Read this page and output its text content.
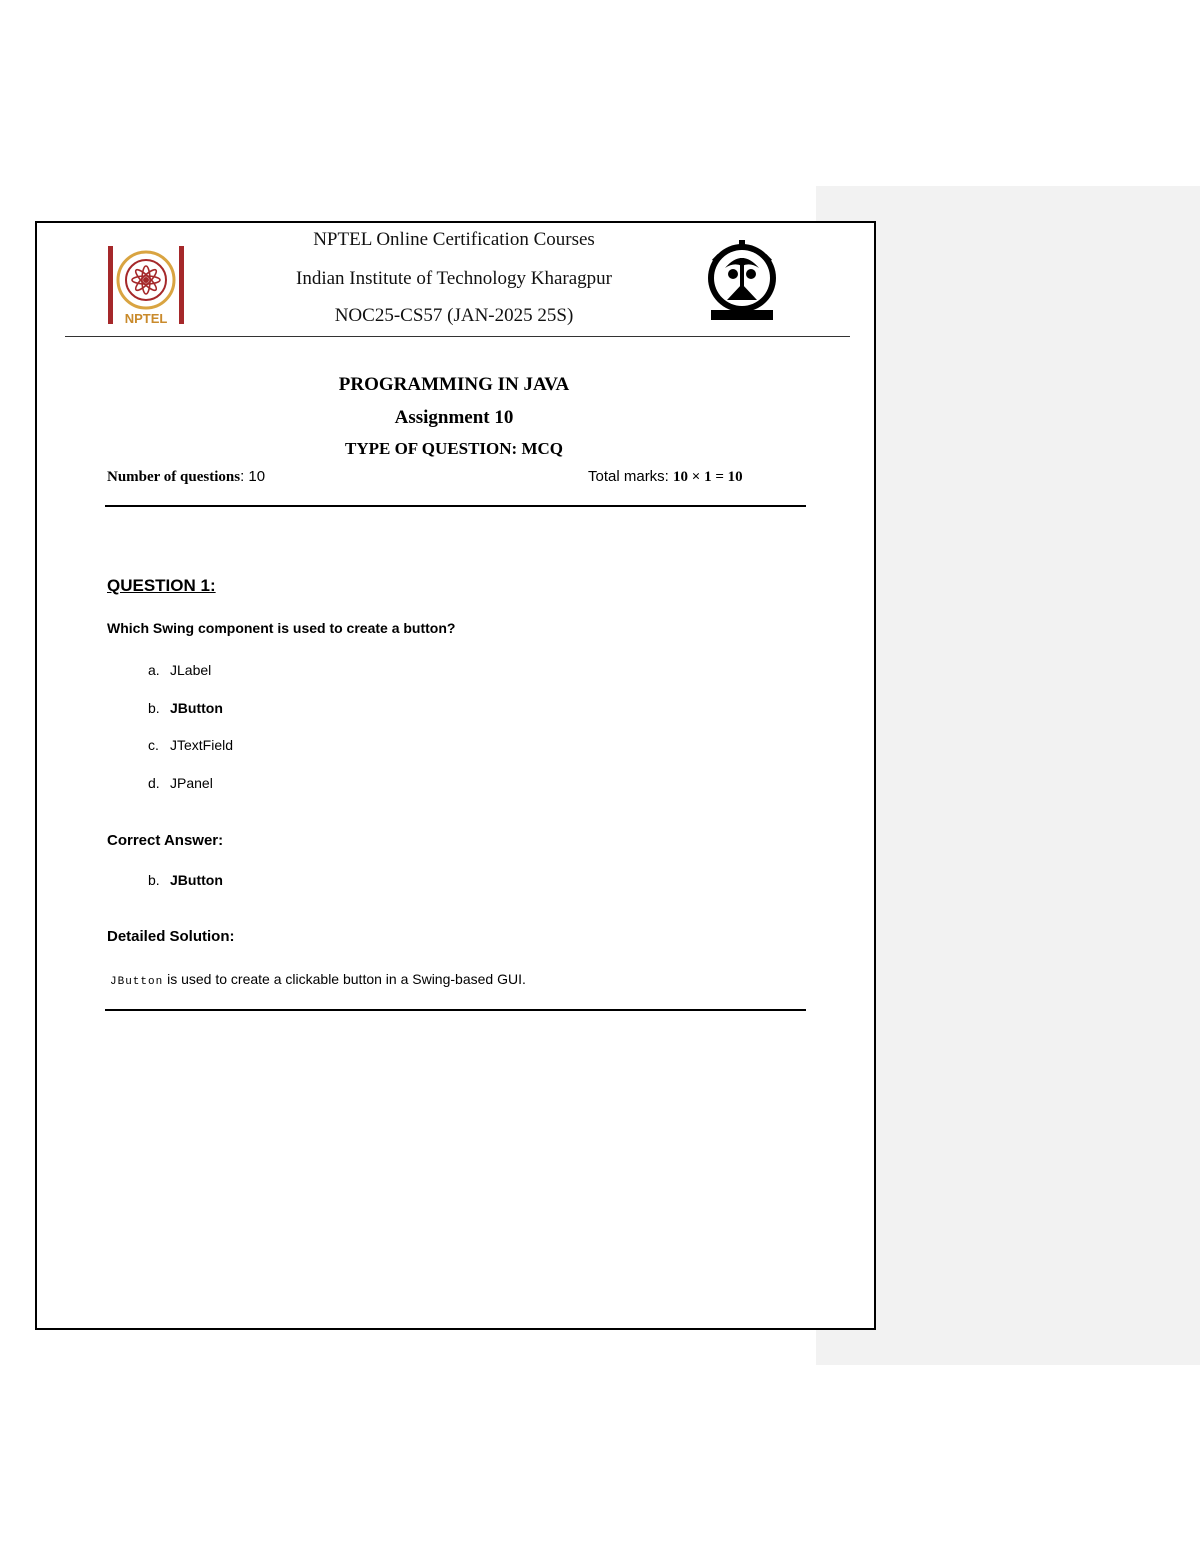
NPTEL
NPTEL Online Certification Courses
Indian Institute of Technology Kharagpur
NOC25-CS57 (JAN-2025 25S)
PROGRAMMING IN JAVA
Assignment 10
TYPE OF QUESTION: MCQ
Number of questions: 10	Total marks: 10 × 1 = 10
QUESTION 1:
Which Swing component is used to create a button?
a. JLabel
b. JButton
c. JTextField
d. JPanel
Correct Answer:
b. JButton
Detailed Solution:
JButton is used to create a clickable button in a Swing-based GUI.
